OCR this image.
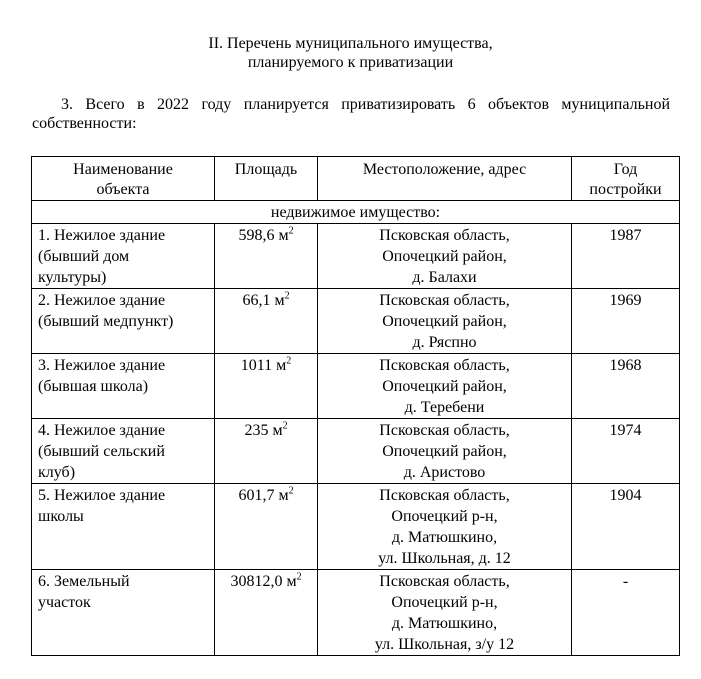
II. Перечень муниципального имущества,
планируемого к приватизации

3. Всего в 2022 году планируется приватизировать 6 объектов муниципальной собственности:

Наименование
объекта	Площадь	Местоположение, адрес	Год
постройки

недвижимое имущество:			

1. Нежилое здание
(бывший дом
культуры)	598,6 $м^2$	Псковская область,
Опочецкий район,
д. Балахи	1987

2. Нежилое здание
(бывший медпункт)	66,1 $м^2$	Псковская область,
Опочецкий район,
д. Ряспно	1969

3. Нежилое здание
(бывшая школа)	1011 $м^2$	Псковская область,
Опочецкий район,
д. Теребени	1968

4. Нежилое здание
(бывший сельский
клуб)	235 $м^2$	Псковская область,
Опочецкий район,
д. Аристово	1974

5. Нежилое здание
школы	601,7 $м^2$	Псковская область,
Опочецкий р-н,
д. Матюшкино,
ул. Школьная, д. 12	1904

6. Земельный
участок	30812,0 $м^2$	Псковская область,
Опочецкий р-н,
д. Матюшкино,
ул. Школьная, з/у 12	-
